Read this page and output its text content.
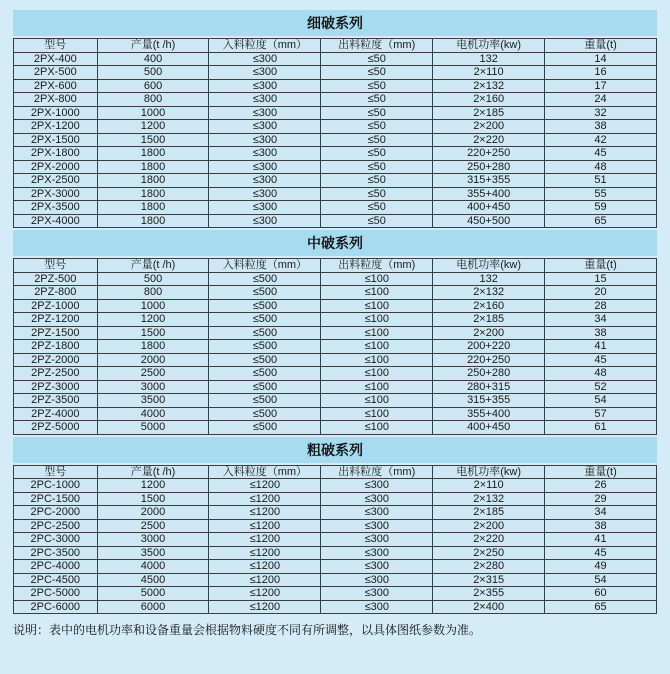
细破系列
型号	产量(t /h)	入料粒度（mm）	出料粒度（mm)	电机功率(kw)	重量(t)
2PX-400	400	≤300	≤50	132	14
2PX-500	500	≤300	≤50	2×110	16
2PX-600	600	≤300	≤50	2×132	17
2PX-800	800	≤300	≤50	2×160	24
2PX-1000	1000	≤300	≤50	2×185	32
2PX-1200	1200	≤300	≤50	2×200	38
2PX-1500	1500	≤300	≤50	2×220	42
2PX-1800	1800	≤300	≤50	220+250	45
2PX-2000	1800	≤300	≤50	250+280	48
2PX-2500	1800	≤300	≤50	315+355	51
2PX-3000	1800	≤300	≤50	355+400	55
2PX-3500	1800	≤300	≤50	400+450	59
2PX-4000	1800	≤300	≤50	450+500	65
中破系列
型号	产量(t /h)	入料粒度（mm）	出料粒度（mm)	电机功率(kw)	重量(t)
2PZ-500	500	≤500	≤100	132	15
2PZ-800	800	≤500	≤100	2×132	20
2PZ-1000	1000	≤500	≤100	2×160	28
2PZ-1200	1200	≤500	≤100	2×185	34
2PZ-1500	1500	≤500	≤100	2×200	38
2PZ-1800	1800	≤500	≤100	200+220	41
2PZ-2000	2000	≤500	≤100	220+250	45
2PZ-2500	2500	≤500	≤100	250+280	48
2PZ-3000	3000	≤500	≤100	280+315	52
2PZ-3500	3500	≤500	≤100	315+355	54
2PZ-4000	4000	≤500	≤100	355+400	57
2PZ-5000	5000	≤500	≤100	400+450	61
粗破系列
型号	产量(t /h)	入料粒度（mm）	出料粒度（mm)	电机功率(kw)	重量(t)
2PC-1000	1200	≤1200	≤300	2×110	26
2PC-1500	1500	≤1200	≤300	2×132	29
2PC-2000	2000	≤1200	≤300	2×185	34
2PC-2500	2500	≤1200	≤300	2×200	38
2PC-3000	3000	≤1200	≤300	2×220	41
2PC-3500	3500	≤1200	≤300	2×250	45
2PC-4000	4000	≤1200	≤300	2×280	49
2PC-4500	4500	≤1200	≤300	2×315	54
2PC-5000	5000	≤1200	≤300	2×355	60
2PC-6000	6000	≤1200	≤300	2×400	65
说明：表中的电机功率和设备重量会根据物料硬度不同有所调整，以具体图纸参数为准。
